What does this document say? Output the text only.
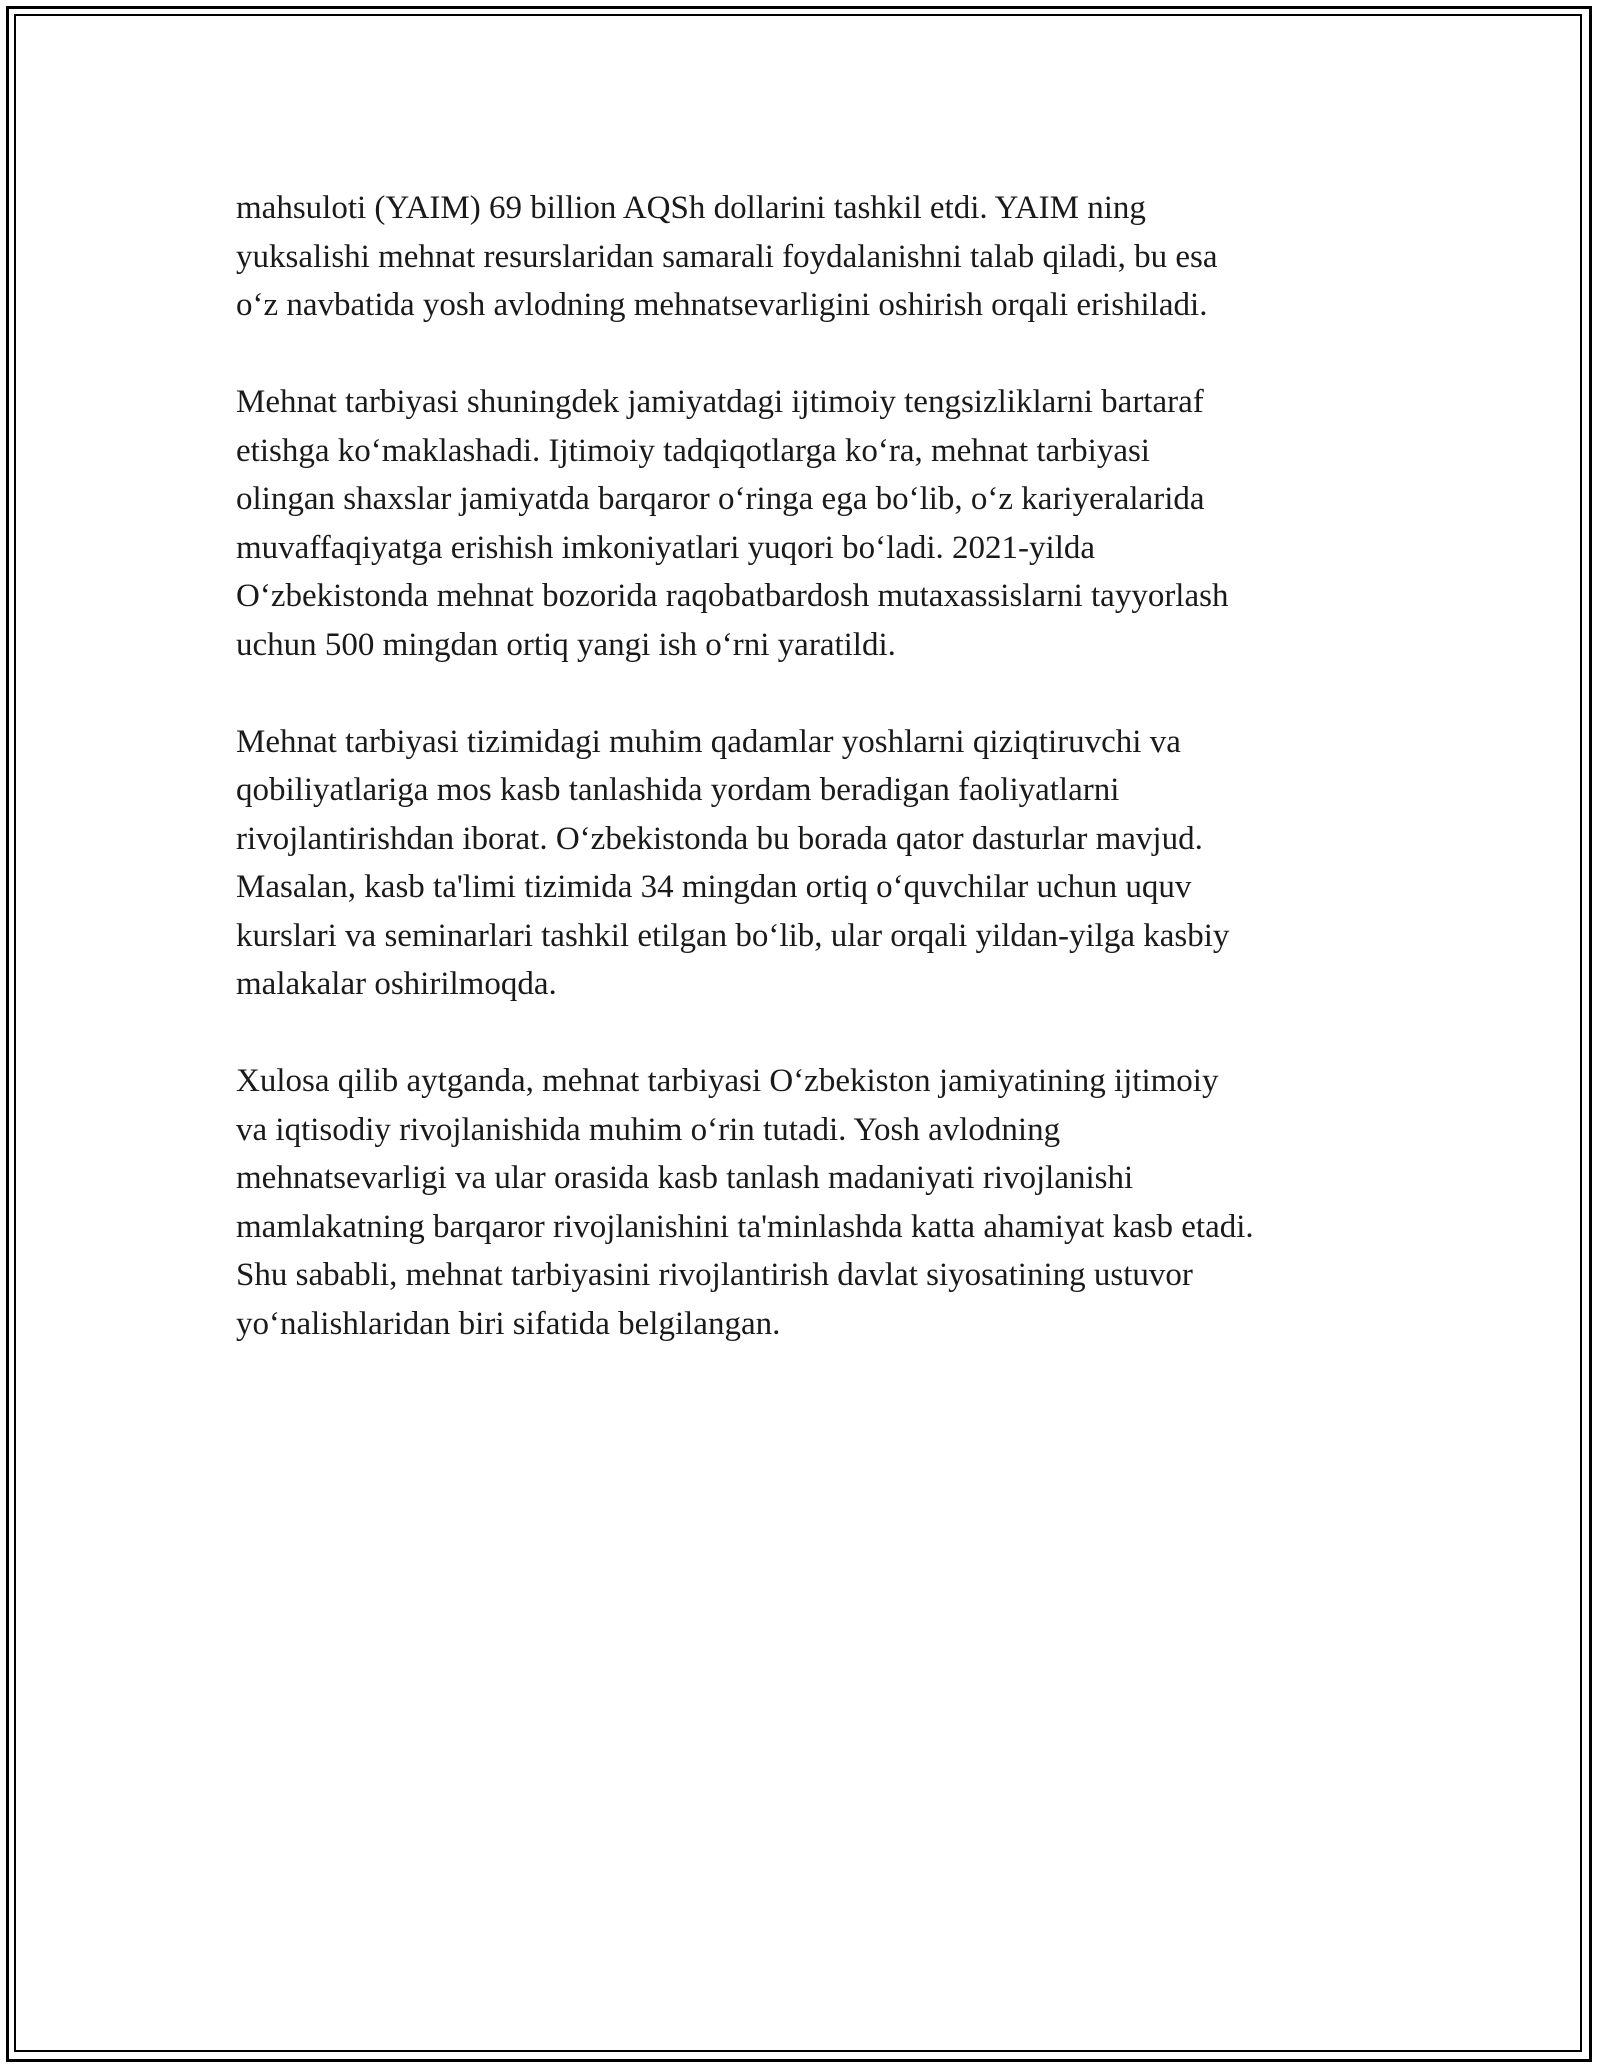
mahsuloti (YAIM) 69 billion AQSh dollarini tashkil etdi. YAIM ning
yuksalishi mehnat resurslaridan samarali foydalanishni talab qiladi, bu esa
oʻz navbatida yosh avlodning mehnatsevarligini oshirish orqali erishiladi.
Mehnat tarbiyasi shuningdek jamiyatdagi ijtimoiy tengsizliklarni bartaraf
etishga koʻmaklashadi. Ijtimoiy tadqiqotlarga koʻra, mehnat tarbiyasi
olingan shaxslar jamiyatda barqaror oʻringa ega boʻlib, oʻz kariyeralarida
muvaffaqiyatga erishish imkoniyatlari yuqori boʻladi. 2021-yilda
Oʻzbekistonda mehnat bozorida raqobatbardosh mutaxassislarni tayyorlash
uchun 500 mingdan ortiq yangi ish oʻrni yaratildi.
Mehnat tarbiyasi tizimidagi muhim qadamlar yoshlarni qiziqtiruvchi va
qobiliyatlariga mos kasb tanlashida yordam beradigan faoliyatlarni
rivojlantirishdan iborat. Oʻzbekistonda bu borada qator dasturlar mavjud.
Masalan, kasb ta'limi tizimida 34 mingdan ortiq oʻquvchilar uchun uquv
kurslari va seminarlari tashkil etilgan boʻlib, ular orqali yildan-yilga kasbiy
malakalar oshirilmoqda.
Xulosa qilib aytganda, mehnat tarbiyasi Oʻzbekiston jamiyatining ijtimoiy
va iqtisodiy rivojlanishida muhim oʻrin tutadi. Yosh avlodning
mehnatsevarligi va ular orasida kasb tanlash madaniyati rivojlanishi
mamlakatning barqaror rivojlanishini ta'minlashda katta ahamiyat kasb etadi.
Shu sababli, mehnat tarbiyasini rivojlantirish davlat siyosatining ustuvor
yoʻnalishlaridan biri sifatida belgilangan.
